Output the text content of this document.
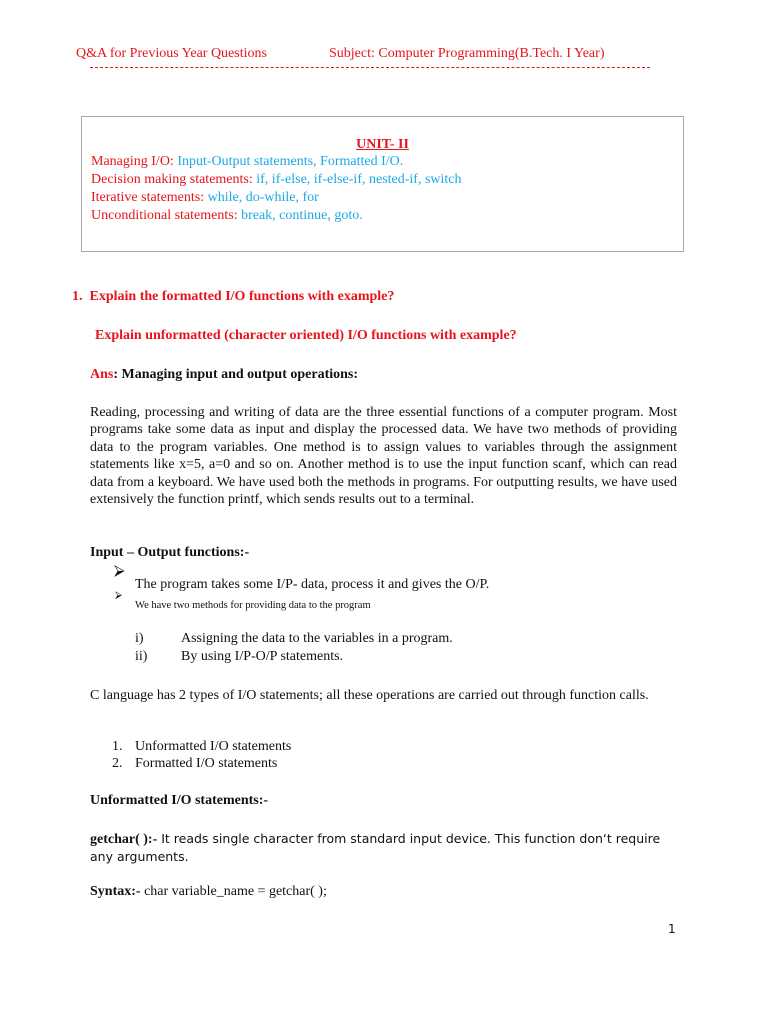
Q&A for Previous Year Questions	Subject: Computer Programming(B.Tech. I Year)
UNIT- II
Managing I/O: Input-Output statements, Formatted I/O.
Decision making statements: if, if-else, if-else-if, nested-if, switch
Iterative statements: while, do-while, for
Unconditional statements: break, continue, goto.
1. Explain the formatted I/O functions with example?
Explain unformatted (character oriented) I/O functions with example?
Ans: Managing input and output operations:
Reading, processing and writing of data are the three essential functions of a computer program. Most programs take some data as input and display the processed data. We have two methods of providing data to the program variables. One method is to assign values to variables through the assignment statements like x=5, a=0 and so on. Another method is to use the input function scanf, which can read data from a keyboard. We have used both the methods in programs. For outputting results, we have used extensively the function printf, which sends results out to a terminal.
Input – Output functions:-
⮚
The program takes some I/P- data, process it and gives the O/P.
⮚
We have two methods for providing data to the program
i)	Assigning the data to the variables in a program.
ii) By using I/P-O/P statements.
C language has 2 types of I/O statements; all these operations are carried out through function calls.
1. Unformatted I/O statements
2. Formatted I/O statements
Unformatted I/O statements:-
getchar( ):- It reads single character from standard input device. This function don‘t require any arguments.
Syntax:- char variable_name = getchar( );
1
